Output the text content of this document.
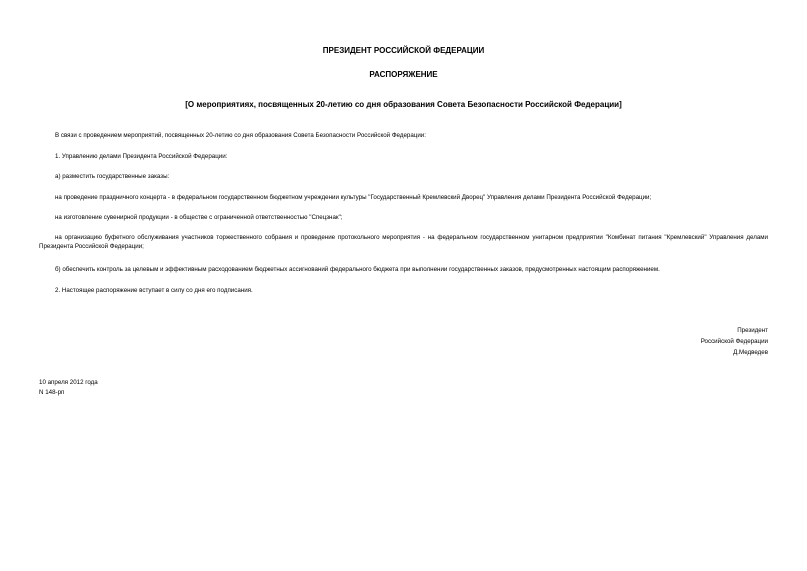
ПРЕЗИДЕНТ РОССИЙСКОЙ ФЕДЕРАЦИИ
РАСПОРЯЖЕНИЕ
[О мероприятиях, посвященных 20-летию со дня образования Совета Безопасности Российской Федерации]
В связи с проведением мероприятий, посвященных 20-летию со дня образования Совета Безопасности Российской Федерации:
1. Управлению делами Президента Российской Федерации:
а) разместить государственные заказы:
на проведение праздничного концерта - в федеральном государственном бюджетном учреждении культуры "Государственный Кремлевский Дворец" Управления делами Президента Российской Федерации;
на изготовление сувенирной продукции - в обществе с ограниченной ответственностью "Спецзнак";
на организацию буфетного обслуживания участников торжественного собрания и проведение протокольного мероприятия - на федеральном государственном унитарном предприятии "Комбинат питания "Кремлевский" Управления делами Президента Российской Федерации;
б) обеспечить контроль за целевым и эффективным расходованием бюджетных ассигнований федерального бюджета при выполнении государственных заказов, предусмотренных настоящим распоряжением.
2. Настоящее распоряжение вступает в силу со дня его подписания.
Президент
Российской Федерации
Д.Медведев
10 апреля 2012 года
N 148-рп
